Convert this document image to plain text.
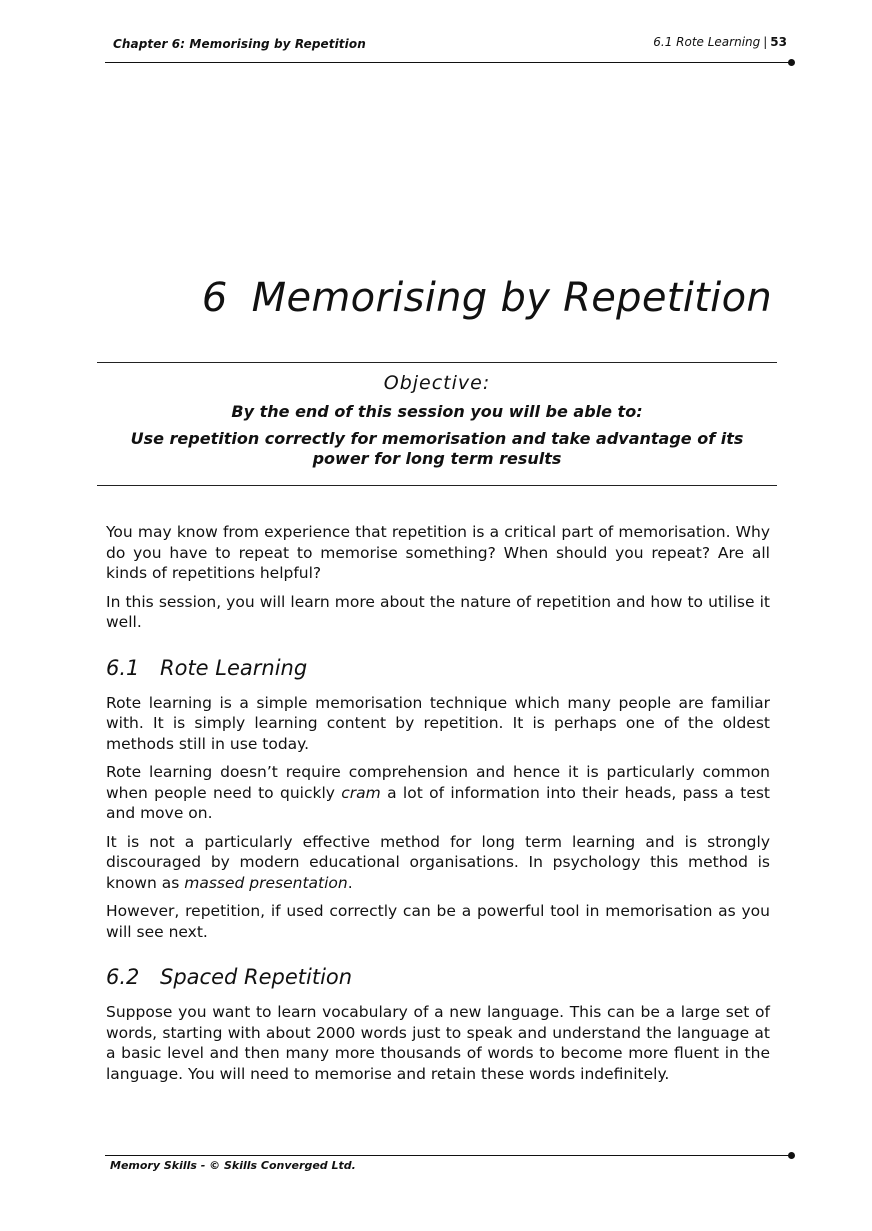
Chapter 6: Memorising by Repetition	6.1 Rote Learning | 53
6 Memorising by Repetition
Objective:
By the end of this session you will be able to:
Use repetition correctly for memorisation and take advantage of its power for long term results

You may know from experience that repetition is a critical part of memorisation. Why do you have to repeat to memorise something? When should you repeat? Are all kinds of repetitions helpful?

In this session, you will learn more about the nature of repetition and how to utilise it well.

6.1 Rote Learning

Rote learning is a simple memorisation technique which many people are familiar with. It is simply learning content by repetition. It is perhaps one of the oldest methods still in use today.

Rote learning doesn’t require comprehension and hence it is particularly common when people need to quickly cram a lot of information into their heads, pass a test and move on.

It is not a particularly effective method for long term learning and is strongly discouraged by modern educational organisations. In psychology this method is known as massed presentation.

However, repetition, if used correctly can be a powerful tool in memorisation as you will see next.

6.2 Spaced Repetition

Suppose you want to learn vocabulary of a new language. This can be a large set of words, starting with about 2000 words just to speak and understand the language at a basic level and then many more thousands of words to become more fluent in the language. You will need to memorise and retain these words indefinitely.

Memory Skills - © Skills Converged Ltd.
